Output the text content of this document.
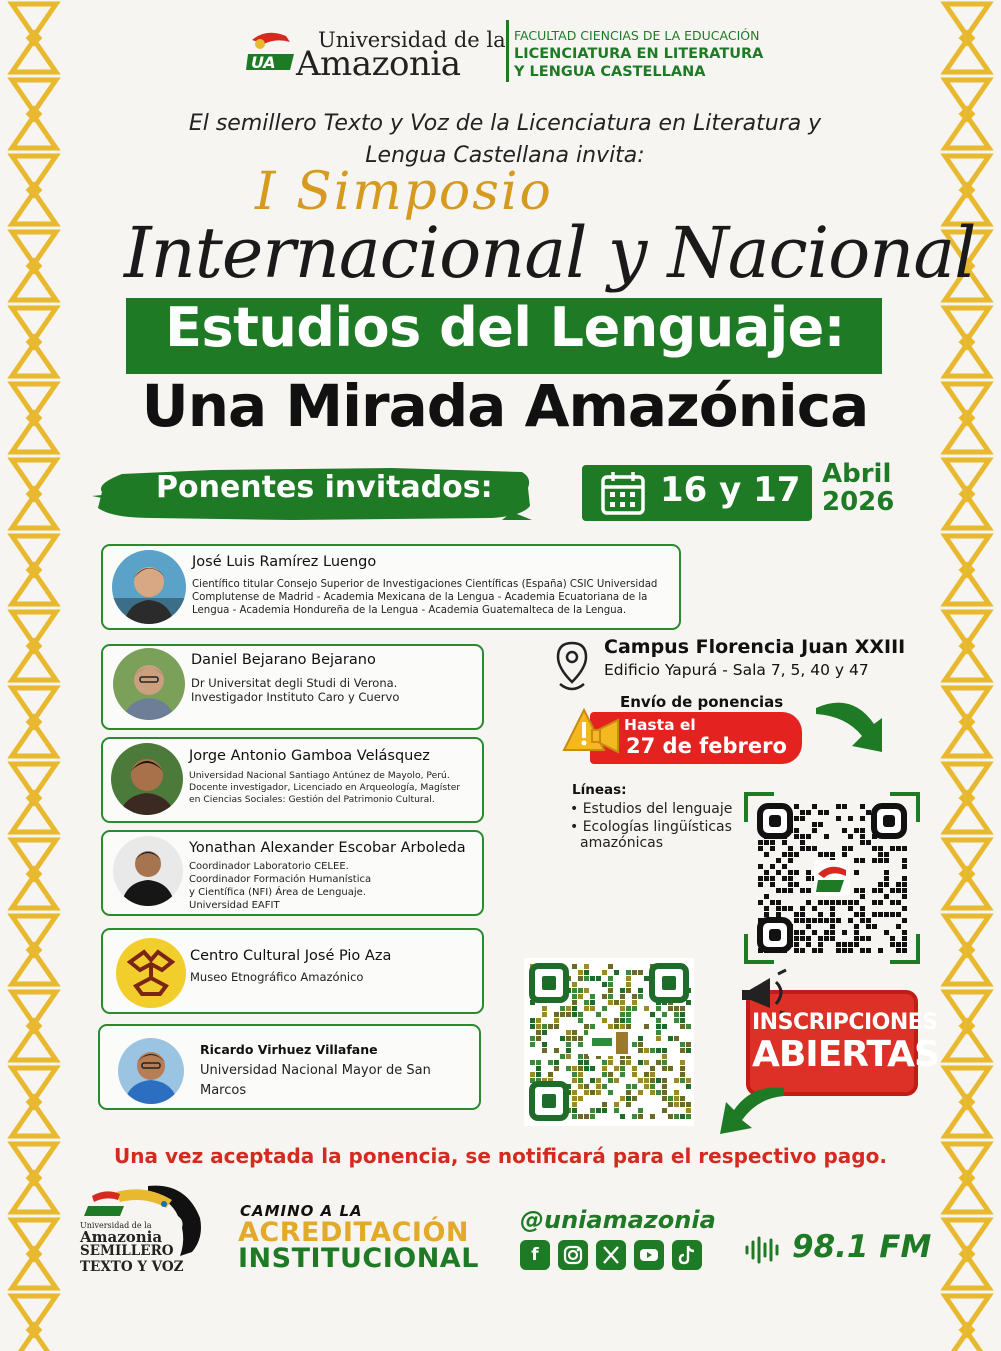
UA
Universidad de la
Amazonia
FACULTAD CIENCIAS DE LA EDUCACIÓN
LICENCIATURA EN LITERATURA
Y LENGUA CASTELLANA
El semillero Texto y Voz de la Licenciatura en Literatura y
Lengua Castellana invita:
I Simposio
Internacional y Nacional
Estudios del Lenguaje:
Una Mirada Amazónica
Ponentes invitados:	16 y 17 Abril
2026
José Luis Ramírez Luengo
Científico titular Consejo Superior de Investigaciones Científicas (España) CSIC Universidad
Complutense de Madrid - Academia Mexicana de la Lengua - Academia Ecuatoriana de la
Lengua - Academia Hondureña de la Lengua - Academia Guatemalteca de la Lengua.
Daniel Bejarano Bejarano
Dr Universitat degli Studi di Verona.
Investigador Instituto Caro y Cuervo
Jorge Antonio Gamboa Velásquez
Universidad Nacional Santiago Antúnez de Mayolo, Perú.
Docente investigador, Licenciado en Arqueología, Magíster
en Ciencias Sociales: Gestión del Patrimonio Cultural.
Yonathan Alexander Escobar Arboleda
Coordinador Laboratorio CELEE.
Coordinador Formación Humanística
y Científica (NFI) Área de Lenguaje.
Universidad EAFIT
Centro Cultural José Pio Aza
Museo Etnográfico Amazónico
Ricardo Virhuez Villafane
Universidad Nacional Mayor de San
Marcos
Campus Florencia Juan XXIII
Edificio Yapurá - Sala 7, 5, 40 y 47
Envío de ponencias
Hasta el
27 de febrero
Líneas:
• Estudios del lenguaje
• Ecologías lingüísticas
amazónicas
INSCRIPCIONES
ABIERTAS
Una vez aceptada la ponencia, se notificará para el respectivo pago.
Universidad de la
Amazonia
SEMILLERO
TEXTO Y VOZ
CAMINO A LA
ACREDITACIÓN
INSTITUCIONAL
@uniamazonia
f	98.1 FM
